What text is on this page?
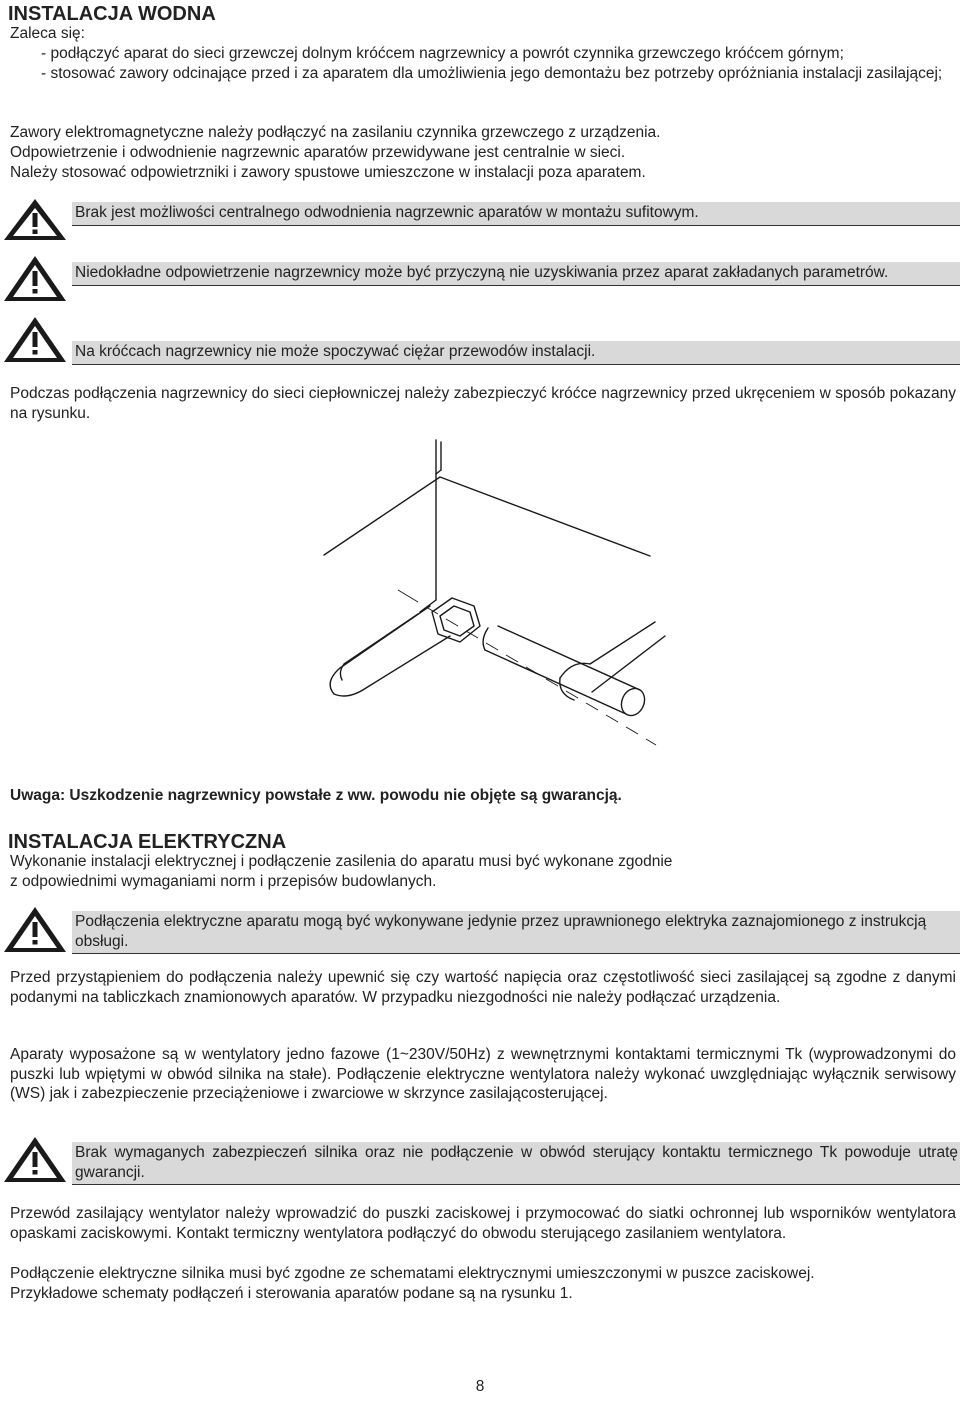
INSTALACJA WODNA

Zaleca się:

- podłączyć aparat do sieci grzewczej dolnym króćcem nagrzewnicy a powrót czynnika grzewczego króćcem górnym;

- stosować zawory odcinające przed i za aparatem dla umożliwienia jego demontażu bez potrzeby opróżniania instalacji zasilającej;

Zawory elektromagnetyczne należy podłączyć na zasilaniu czynnika grzewczego z urządzenia.

Odpowietrzenie i odwodnienie nagrzewnic aparatów przewidywane jest centralnie w sieci.

Należy stosować odpowietrzniki i zawory spustowe umieszczone w instalacji poza aparatem.

Brak jest możliwości centralnego odwodnienia nagrzewnic aparatów w montażu sufitowym.

Niedokładne odpowietrzenie nagrzewnicy może być przyczyną nie uzyskiwania przez aparat zakładanych parametrów.

Na króćcach nagrzewnicy nie może spoczywać ciężar przewodów instalacji.

Podczas podłączenia nagrzewnicy do sieci ciepłowniczej należy zabezpieczyć króćce nagrzewnicy przed ukręceniem w sposób pokazany na rysunku.

Uwaga: Uszkodzenie nagrzewnicy powstałe z ww. powodu nie objęte są gwarancją.

INSTALACJA ELEKTRYCZNA

Wykonanie instalacji elektrycznej i podłączenie zasilenia do aparatu musi być wykonane zgodnie

z odpowiednimi wymaganiami norm i przepisów budowlanych.

Podłączenia elektryczne aparatu mogą być wykonywane jedynie przez uprawnionego elektryka zaznajomionego z instrukcją obsługi.

Przed przystąpieniem do podłączenia należy upewnić się czy wartość napięcia oraz częstotliwość sieci zasilającej są zgodne z danymi podanymi na tabliczkach znamionowych aparatów. W przypadku niezgodności nie należy podłączać urządzenia.

Aparaty wyposażone są w wentylatory jedno fazowe (1~230V/50Hz) z wewnętrznymi kontaktami termicznymi Tk (wyprowadzonymi do puszki lub wpiętymi w obwód silnika na stałe). Podłączenie elektryczne wentylatora należy wykonać uwzględniając wyłącznik serwisowy (WS) jak i zabezpieczenie przeciążeniowe i zwarciowe w skrzynce zasilającosterującej.

Brak wymaganych zabezpieczeń silnika oraz nie podłączenie w obwód sterujący kontaktu termicznego Tk powoduje utratę gwarancji.

Przewód zasilający wentylator należy wprowadzić do puszki zaciskowej i przymocować do siatki ochronnej lub wsporników wentylatora opaskami zaciskowymi. Kontakt termiczny wentylatora podłączyć do obwodu sterującego zasilaniem wentylatora.

Podłączenie elektryczne silnika musi być zgodne ze schematami elektrycznymi umieszczonymi w puszce zaciskowej.

Przykładowe schematy podłączeń i sterowania aparatów podane są na rysunku 1.

8
